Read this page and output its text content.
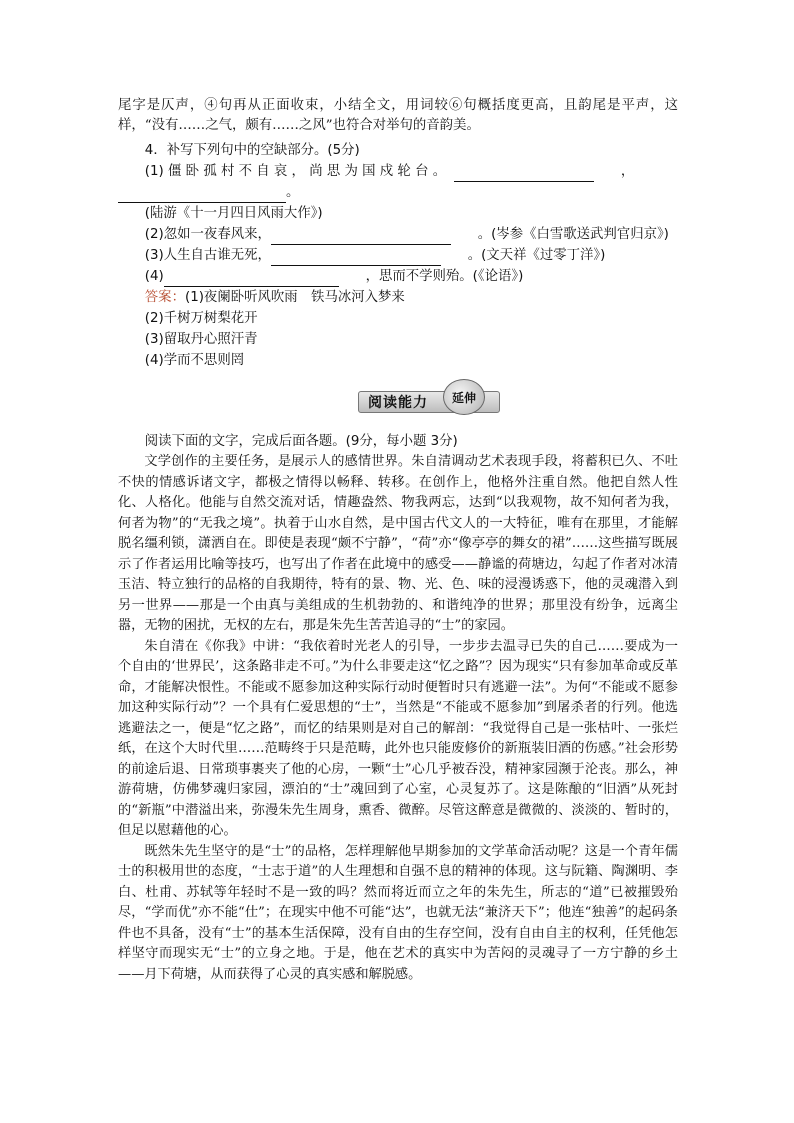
尾字是仄声，④句再从正面收束，小结全文，用词较⑥句概括度更高，且韵尾是平声，这样，“没有……之气，颇有……之风”也符合对举句的音韵美。

4．补写下列句中的空缺部分。(5分)

(1) 僵 卧 孤 村 不 自 哀 ， 尚 思 为 国 戍 轮 台 。	，
。

(陆游《十一月四日风雨大作》)

(2)忽如一夜春风来，	。(岑参《白雪歌送武判官归京》)
(3)人生自古谁无死，	。(文天祥《过零丁洋》)
(4)	，思而不学则殆。(《论语》)

答案：(1)夜阑卧听风吹雨　铁马冰河入梦来

(2)千树万树梨花开

(3)留取丹心照汗青

(4)学而不思则罔

阅读能力 延伸

阅读下面的文字，完成后面各题。(9分，每小题 3分)

文学创作的主要任务，是展示人的感情世界。朱自清调动艺术表现手段，将蓄积已久、不吐不快的情感诉诸文字，都极之情得以畅释、转移。在创作上，他格外注重自然。他把自然人性化、人格化。他能与自然交流对话，情趣盎然、物我两忘，达到“以我观物，故不知何者为我，何者为物”的“无我之境”。执着于山水自然，是中国古代文人的一大特征，唯有在那里，才能解脱名缰利锁，潇洒自在。即使是表现“颇不宁静”，“荷”亦“像亭亭的舞女的裙”……这些描写既展示了作者运用比喻等技巧，也写出了作者在此境中的感受——静谧的荷塘边，勾起了作者对冰清玉洁、特立独行的品格的自我期待，特有的景、物、光、色、味的浸漫诱惑下，他的灵魂潜入到另一世界——那是一个由真与美组成的生机勃勃的、和谐纯净的世界；那里没有纷争，远离尘嚣，无物的困扰，无权的左右，那是朱先生苦苦追寻的“士”的家园。

朱自清在《你我》中讲：“我依着时光老人的引导，一步步去温寻已失的自己……要成为一个自由的‘世界民’，这条路非走不可。”为什么非要走这“忆之路”？因为现实“只有参加革命或反革命，才能解决恨性。不能或不愿参加这种实际行动时便暂时只有逃避一法”。为何“不能或不愿参加这种实际行动”？一个具有仁爱思想的“士”，当然是“不能或不愿参加”到屠杀者的行列。他选逃避法之一，便是“忆之路”，而忆的结果则是对自己的解剖：“我觉得自己是一张枯叶、一张烂纸，在这个大时代里……范畴终于只是范畴，此外也只能废修价的新瓶装旧酒的伤感。”社会形势的前途后退、日常琐事裹夹了他的心房，一颗“士”心几乎被吞没，精神家园濒于沦丧。那么，神游荷塘，仿佛梦魂归家园，漂泊的“士”魂回到了心室，心灵复苏了。这是陈酿的“旧酒”从死封的“新瓶”中潜溢出来，弥漫朱先生周身，熏香、微醉。尽管这醉意是微微的、淡淡的、暂时的，但足以慰藉他的心。

既然朱先生坚守的是“士”的品格，怎样理解他早期参加的文学革命活动呢？这是一个青年儒士的积极用世的态度，“士志于道”的人生理想和自强不息的精神的体现。这与阮籍、陶渊明、李白、杜甫、苏轼等年轻时不是一致的吗？然而将近而立之年的朱先生，所志的“道”已被摧毁殆尽，“学而优”亦不能“仕”；在现实中他不可能“达”，也就无法“兼济天下”；他连“独善”的起码条件也不具备，没有“士”的基本生活保障，没有自由的生存空间，没有自由自主的权利，任凭他怎样坚守而现实无“士”的立身之地。于是，他在艺术的真实中为苦闷的灵魂寻了一方宁静的乡土——月下荷塘，从而获得了心灵的真实感和解脱感。
